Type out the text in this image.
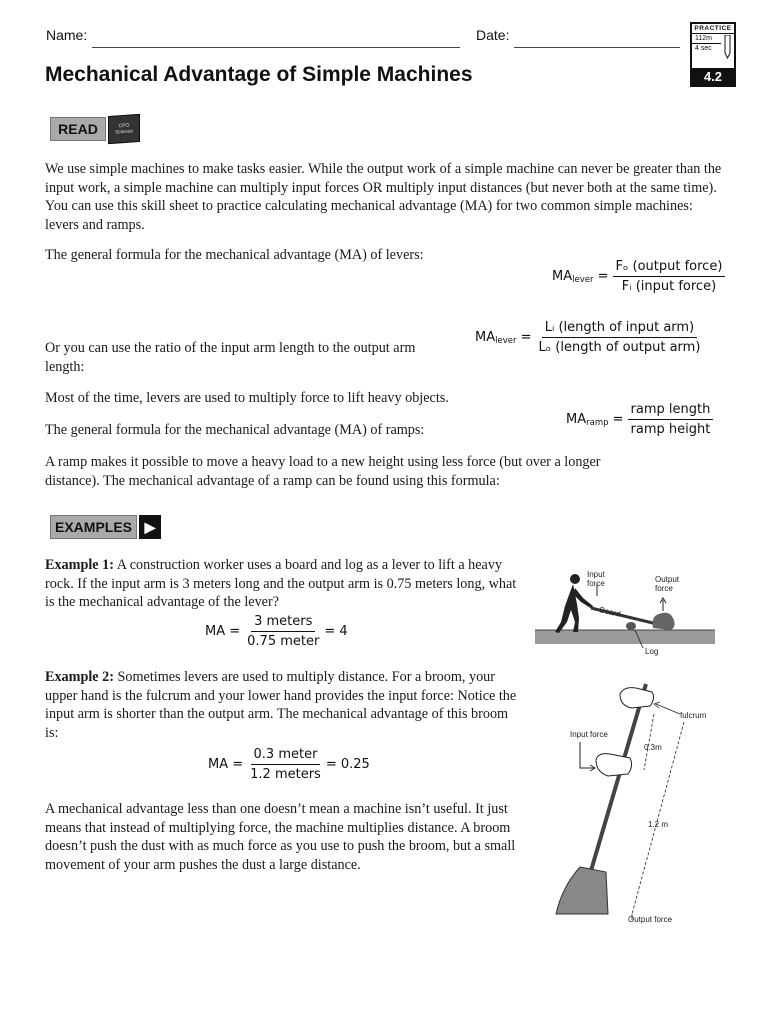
Name:	Date:	PRACTICE
112m
4 sec
4.2
Mechanical Advantage of Simple Machines
READ	CPO
Science
We use simple machines to make tasks easier. While the output work of a simple machine can never be greater than the input work, a simple machine can multiply input forces OR multiply input distances (but never both at the same time). You can use this skill sheet to practice calculating mechanical advantage (MA) for two common simple machines: levers and ramps.
The general formula for the mechanical advantage (MA) of levers:
MAlever = $\frac{\text{Fₒ (output force)}}{\text{Fᵢ (input force)}}$
Or you can use the ratio of the input arm length to the output arm length:
MAlever = $\frac{\text{Lᵢ (length of input arm)}}{\text{Lₒ (length of output arm)}}$
Most of the time, levers are used to multiply force to lift heavy objects.
The general formula for the mechanical advantage (MA) of ramps:
MAramp = $\frac{\text{ramp length}}{\text{ramp height}}$
A ramp makes it possible to move a heavy load to a new height using less force (but over a longer distance). The mechanical advantage of a ramp can be found using this formula:
EXAMPLES ▶
Example 1: A construction worker uses a board and log as a lever to lift a heavy rock. If the input arm is 3 meters long and the output arm is 0.75 meters long, what is the mechanical advantage of the lever?
MA = $\frac{\text{3 meters}}{\text{0.75 meter}} = 4$
Input force	Output force
Board
Log
Example 2: Sometimes levers are used to multiply distance. For a broom, your upper hand is the fulcrum and your lower hand provides the input force: Notice the input arm is shorter than the output arm. The mechanical advantage of this broom is:
MA = $\frac{\text{0.3 meter}}{\text{1.2 meters}} = 0.25$
fulcrum
Input force
0.3m
1.2 m
Output force
A mechanical advantage less than one doesn’t mean a machine isn’t useful. It just means that instead of multiplying force, the machine multiplies distance. A broom doesn’t push the dust with as much force as you use to push the broom, but a small movement of your arm pushes the dust a large distance.
